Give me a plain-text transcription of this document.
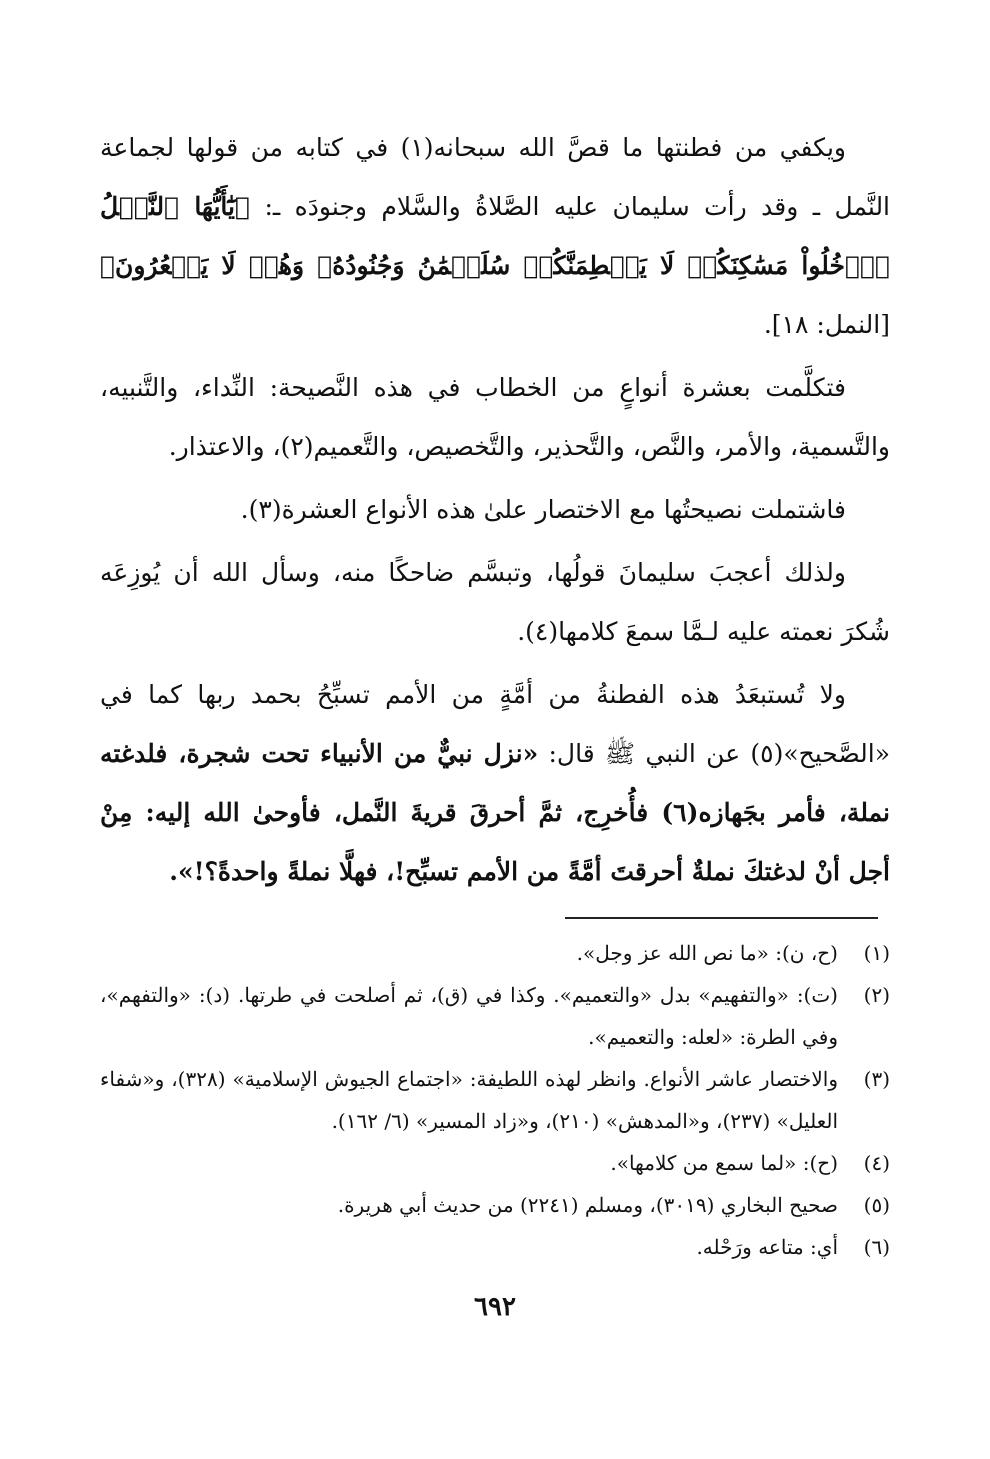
ويكفي من فطنتها ما قصَّ الله سبحانه(١) في كتابه من قولها لجماعة النَّمل ـ وقد رأت سليمان عليه الصَّلاةُ والسَّلام وجنودَه ـ: ﴿يَٰٓأَيُّهَا ٱلنَّمۡلُ ٱدۡخُلُواْ مَسَٰكِنَكُمۡ لَا يَحۡطِمَنَّكُمۡ سُلَيۡمَٰنُ وَجُنُودُهُۥ وَهُمۡ لَا يَشۡعُرُونَ﴾ [النمل: ١٨].

فتكلَّمت بعشرة أنواعٍ من الخطاب في هذه النَّصيحة: النِّداء، والتَّنبيه، والتَّسمية، والأمر، والنَّص، والتَّحذير، والتَّخصيص، والتَّعميم(٢)، والاعتذار.

فاشتملت نصيحتُها مع الاختصار علىٰ هذه الأنواع العشرة(٣).

ولذلك أعجبَ سليمانَ قولُها، وتبسَّم ضاحكًا منه، وسأل الله أن يُوزِعَه شُكرَ نعمته عليه لـمَّا سمعَ كلامها(٤).

ولا تُستبعَدُ هذه الفطنةُ من أمَّةٍ من الأمم تسبِّحُ بحمد ربها كما في «الصَّحيح»(٥) عن النبي ﷺ قال: «نزل نبيٌّ من الأنبياء تحت شجرة، فلدغته نملة، فأمر بجَهازه(٦) فأُخرِج، ثمَّ أحرقَ قريةَ النَّمل، فأوحىٰ الله إليه: مِنْ أجل أنْ لدغتكَ نملةٌ أحرقتَ أمَّةً من الأمم تسبِّح!، فهلَّا نملةً واحدةً؟!».

(١)
(ح، ن): «ما نص الله عز وجل».
(٢)
(ت): «والتفهيم» بدل «والتعميم». وكذا في (ق)، ثم أصلحت في طرتها. (د): «والتفهم»، وفي الطرة: «لعله: والتعميم».
(٣)
والاختصار عاشر الأنواع. وانظر لهذه اللطيفة: «اجتماع الجيوش الإسلامية» (٣٢٨)، و«شفاء العليل» (٢٣٧)، و«المدهش» (٢١٠)، و«زاد المسير» (٦/ ١٦٢).
(٤)
(ح): «لما سمع من كلامها».
(٥)
صحيح البخاري (٣٠١٩)، ومسلم (٢٢٤١) من حديث أبي هريرة.
(٦)
أي: متاعه ورَحْله.
٦٩٢
